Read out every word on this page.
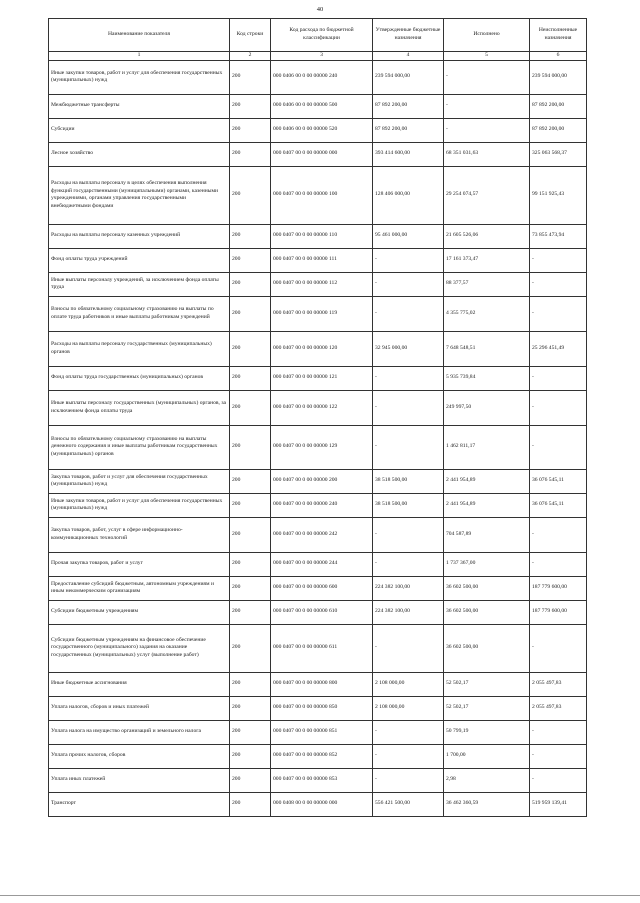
40
Наименование показателя	Код строки	Код расхода по бюджетной классификации	Утвержденные бюджетные назначения	Исполнено	Неисполненные назначения
1	2	3	4	5	6
Иные закупки товаров, работ и услуг для обеспечения государственных (муниципальных) нужд	200	000 0406 00 0 00 00000 240	239 594 000,00	-	239 594 000,00
Межбюджетные трансферты	200	000 0406 00 0 00 00000 500	87 892 200,00	-	87 892 200,00
Субсидии	200	000 0406 00 0 00 00000 520	87 892 200,00	-	87 892 200,00
Лесное хозяйство	200	000 0407 00 0 00 00000 000	393 414 600,00	68 351 031,63	325 063 568,37
Расходы на выплаты персоналу в целях обеспечения выполнения функций государственными (муниципальными) органами, казенными учреждениями, органами управления государственными внебюджетными фондами	200	000 0407 00 0 00 00000 100	128 406 000,00	29 254 074,57	99 151 925,43
Расходы на выплаты персоналу казенных учреждений	200	000 0407 00 0 00 00000 110	95 461 000,00	21 605 526,06	73 855 473,94
Фонд оплаты труда учреждений	200	000 0407 00 0 00 00000 111	-	17 161 373,47	-
Иные выплаты персоналу учреждений, за исключением фонда оплаты труда	200	000 0407 00 0 00 00000 112	-	88 377,57	-
Взносы по обязательному социальному страхованию на выплаты по оплате труда работников и иные выплаты работникам учреждений	200	000 0407 00 0 00 00000 119	-	4 355 775,02	-
Расходы на выплаты персоналу государственных (муниципальных) органов	200	000 0407 00 0 00 00000 120	32 945 000,00	7 648 548,51	25 296 451,49
Фонд оплаты труда государственных (муниципальных) органов	200	000 0407 00 0 00 00000 121	-	5 935 739,84	-
Иные выплаты персоналу государственных (муниципальных) органов, за исключением фонда оплаты труда	200	000 0407 00 0 00 00000 122	-	249 997,50	-
Взносы по обязательному социальному страхованию на выплаты денежного содержания и иные выплаты работникам государственных (муниципальных) органов	200	000 0407 00 0 00 00000 129	-	1 462 811,17	-
Закупка товаров, работ и услуг для обеспечения государственных (муниципальных) нужд	200	000 0407 00 0 00 00000 200	38 518 500,00	2 441 954,89	36 076 545,11
Иные закупки товаров, работ и услуг для обеспечения государственных (муниципальных) нужд	200	000 0407 00 0 00 00000 240	38 518 500,00	2 441 954,89	36 076 545,11
Закупка товаров, работ, услуг в сфере информационно-коммуникационных технологий	200	000 0407 00 0 00 00000 242	-	704 587,89	-
Прочая закупка товаров, работ и услуг	200	000 0407 00 0 00 00000 244	-	1 737 367,00	-
Предоставление субсидий бюджетным, автономным учреждениям и иным некоммерческим организациям	200	000 0407 00 0 00 00000 600	224 382 100,00	36 602 500,00	187 779 600,00
Субсидии бюджетным учреждениям	200	000 0407 00 0 00 00000 610	224 382 100,00	36 602 500,00	187 779 600,00
Субсидии бюджетным учреждениям на финансовое обеспечение государственного (муниципального) задания на оказание государственных (муниципальных) услуг (выполнение работ)	200	000 0407 00 0 00 00000 611	-	36 602 500,00	-
Иные бюджетные ассигнования	200	000 0407 00 0 00 00000 800	2 108 000,00	52 502,17	2 055 497,83
Уплата налогов, сборов и иных платежей	200	000 0407 00 0 00 00000 850	2 108 000,00	52 502,17	2 055 497,83
Уплата налога на имущество организаций и земельного налога	200	000 0407 00 0 00 00000 851	-	50 799,19	-
Уплата прочих налогов, сборов	200	000 0407 00 0 00 00000 852	-	1 700,00	-
Уплата иных платежей	200	000 0407 00 0 00 00000 853	-	2,98	-
Транспорт	200	000 0408 00 0 00 00000 000	556 421 500,00	36 462 360,59	519 959 139,41
